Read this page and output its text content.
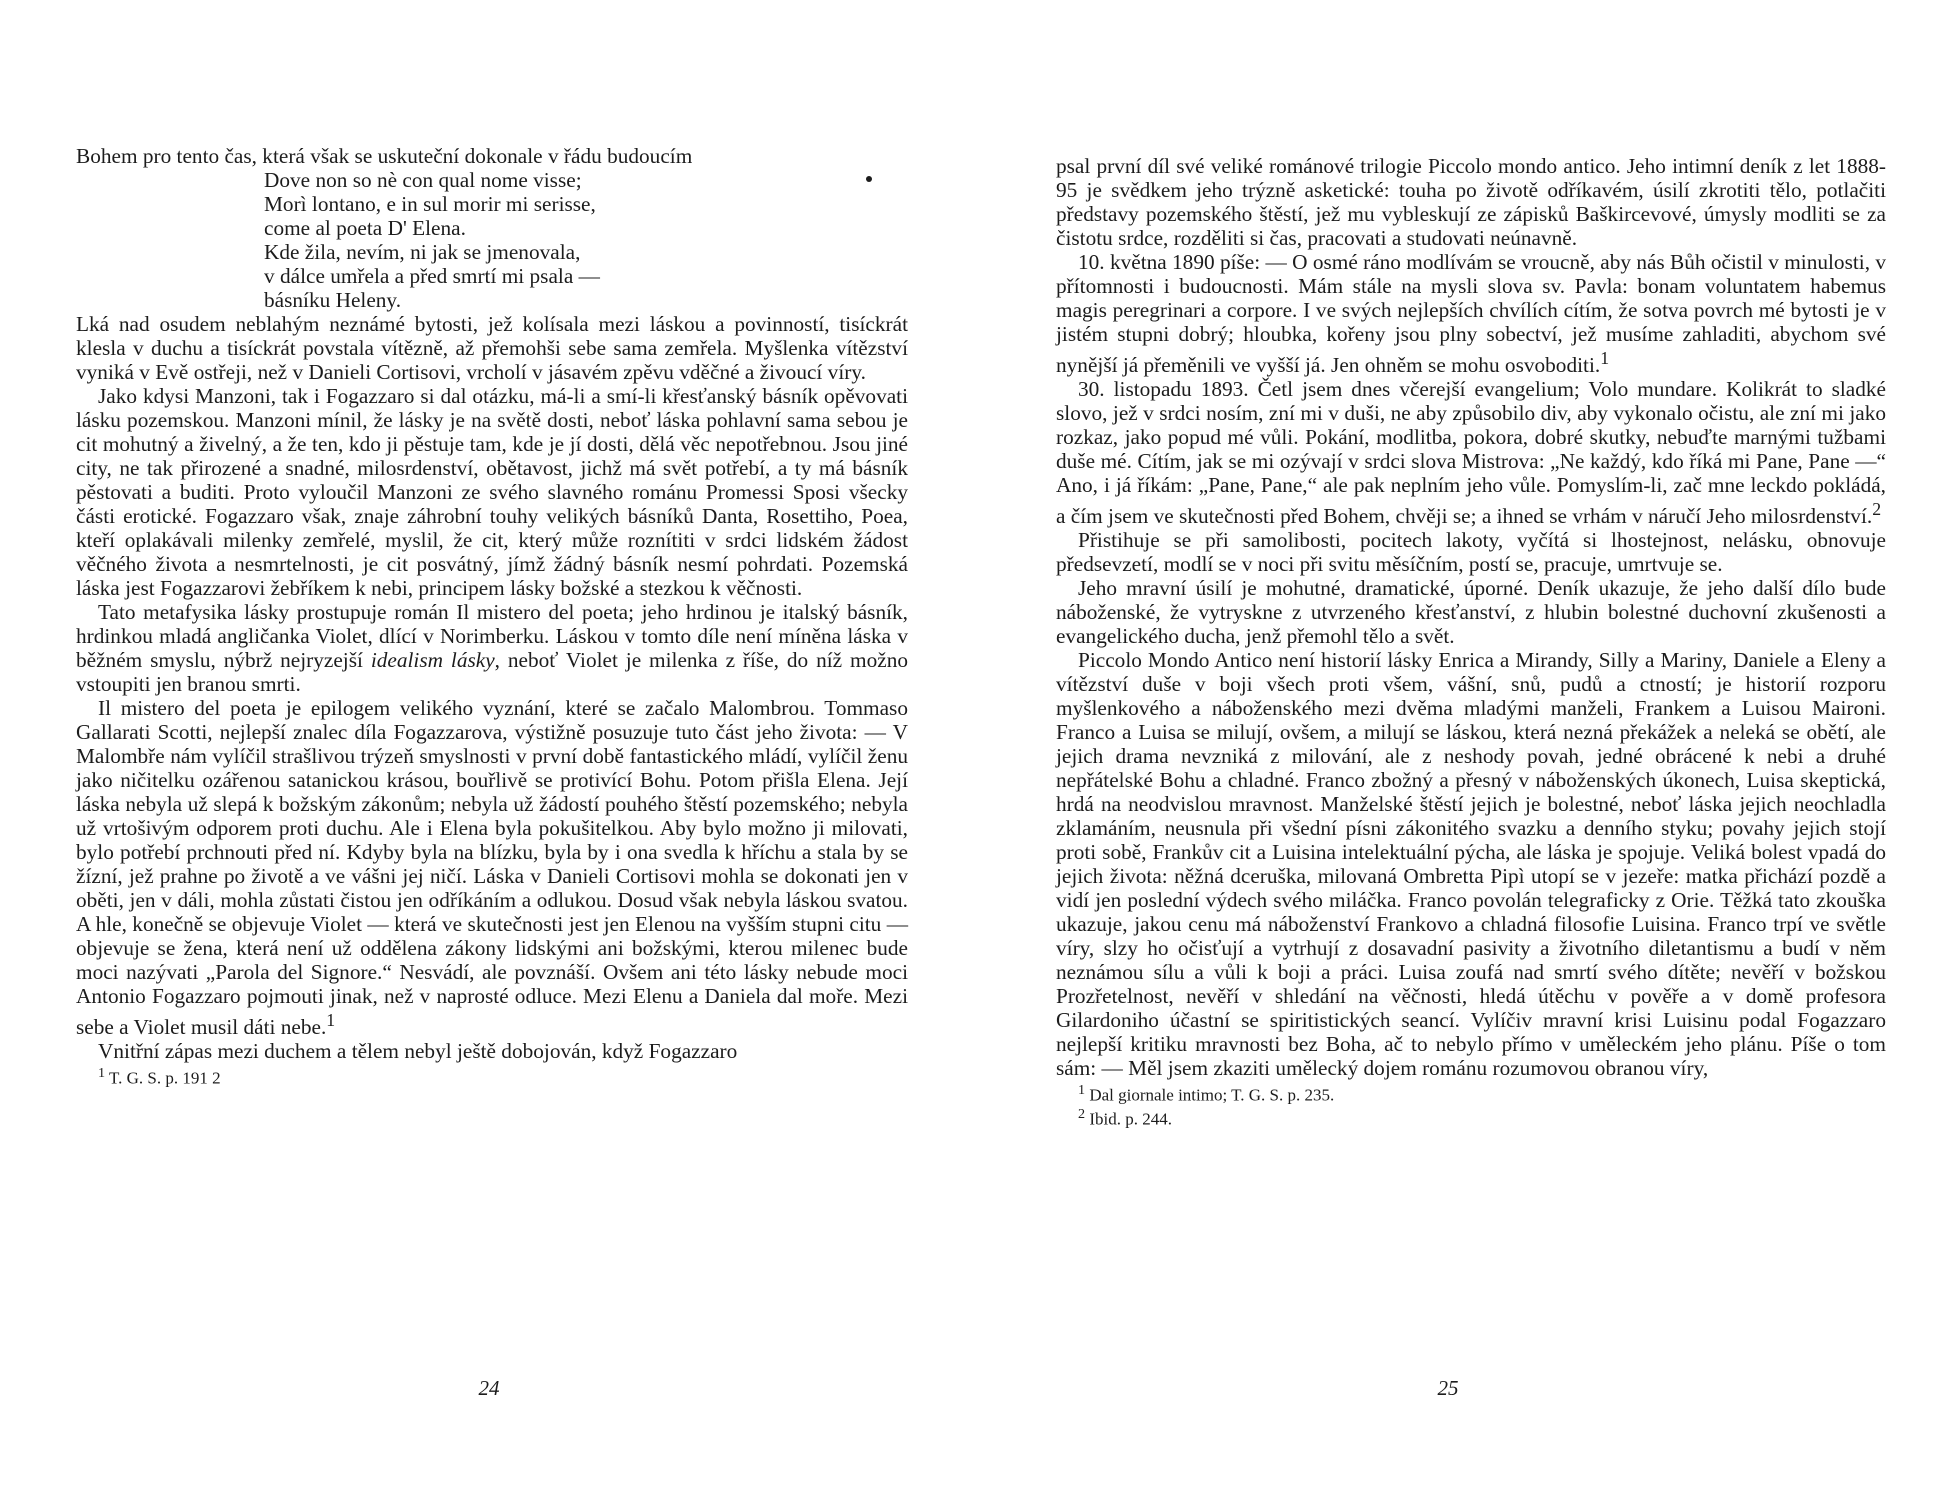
Bohem pro tento čas, která však se uskuteční dokonale v řádu budoucím

Dove non so nè con qual nome visse;
Morì lontano, e in sul morir mi serisse,
come al poeta D' Elena.
Kde žila, nevím, ni jak se jmenovala,
v dálce umřela a před smrtí mi psala —
básníku Heleny.

Lká nad osudem neblahým neznámé bytosti, jež kolísala mezi láskou a povinností, tisíckrát klesla v duchu a tisíckrát povstala vítězně, až přemohši sebe sama zemřela. Myšlenka vítězství vyniká v Evě ostřeji, než v Danieli Cortisovi, vrcholí v jásavém zpěvu vděčné a živoucí víry.

Jako kdysi Manzoni, tak i Fogazzaro si dal otázku, má-li a smí-li křesťanský básník opěvovati lásku pozemskou. Manzoni mínil, že lásky je na světě dosti, neboť láska pohlavní sama sebou je cit mohutný a živelný, a že ten, kdo ji pěstuje tam, kde je jí dosti, dělá věc nepotřebnou. Jsou jiné city, ne tak přirozené a snadné, milosrdenství, obětavost, jichž má svět potřebí, a ty má básník pěstovati a buditi. Proto vyloučil Manzoni ze svého slavného románu Promessi Sposi všecky části erotické. Fogazzaro však, znaje záhrobní touhy velikých básníků Danta, Rosettiho, Poea, kteří oplakávali milenky zemřelé, myslil, že cit, který může roznítiti v srdci lidském žádost věčného života a nesmrtelnosti, je cit posvátný, jímž žádný básník nesmí pohrdati. Pozemská láska jest Fogazzarovi žebříkem k nebi, principem lásky božské a stezkou k věčnosti.

Tato metafysika lásky prostupuje román Il mistero del poeta; jeho hrdinou je italský básník, hrdinkou mladá angličanka Violet, dlící v Norimberku. Láskou v tomto díle není míněna láska v běžném smyslu, nýbrž nejryzejší idealism lásky, neboť Violet je milenka z říše, do níž možno vstoupiti jen branou smrti.

Il mistero del poeta je epilogem velikého vyznání, které se začalo Malombrou. Tommaso Gallarati Scotti, nejlepší znalec díla Fogazzarova, výstižně posuzuje tuto část jeho života: — V Malombře nám vylíčil strašlivou trýzeň smyslnosti v první době fantastického mládí, vylíčil ženu jako ničitelku ozářenou satanickou krásou, bouřlivě se protivící Bohu. Potom přišla Elena. Její láska nebyla už slepá k božským zákonům; nebyla už žádostí pouhého štěstí pozemského; nebyla už vrtošivým odporem proti duchu. Ale i Elena byla pokušitelkou. Aby bylo možno ji milovati, bylo potřebí prchnouti před ní. Kdyby byla na blízku, byla by i ona svedla k hříchu a stala by se žízní, jež prahne po životě a ve vášni jej ničí. Láska v Danieli Cortisovi mohla se dokonati jen v oběti, jen v dáli, mohla zůstati čistou jen odříkáním a odlukou. Dosud však nebyla láskou svatou. A hle, konečně se objevuje Violet — která ve skutečnosti jest jen Elenou na vyšším stupni citu — objevuje se žena, která není už oddělena zákony lidskými ani božskými, kterou milenec bude moci nazývati „Parola del Signore.“ Nesvádí, ale povznáší. Ovšem ani této lásky nebude moci Antonio Fogazzaro pojmouti jinak, než v naprosté odluce. Mezi Elenu a Daniela dal moře. Mezi sebe a Violet musil dáti nebe.$^1$

Vnitřní zápas mezi duchem a tělem nebyl ještě dobojován, když Fogazzaro

$^1$ T. G. S. p. 191 2
24

psal první díl své veliké románové trilogie Piccolo mondo antico. Jeho intimní deník z let 1888-95 je svědkem jeho trýzně asketické: touha po životě odříkavém, úsilí zkrotiti tělo, potlačiti představy pozemského štěstí, jež mu vybleskují ze zápisků Baškircevové, úmysly modliti se za čistotu srdce, rozděliti si čas, pracovati a studovati neúnavně.

10. května 1890 píše: — O osmé ráno modlívám se vroucně, aby nás Bůh očistil v minulosti, v přítomnosti i budoucnosti. Mám stále na mysli slova sv. Pavla: bonam voluntatem habemus magis peregrinari a corpore. I ve svých nejlepších chvílích cítím, že sotva povrch mé bytosti je v jistém stupni dobrý; hloubka, kořeny jsou plny sobectví, jež musíme zahladiti, abychom své nynější já přeměnili ve vyšší já. Jen ohněm se mohu osvoboditi.$^1$

30. listopadu 1893. Četl jsem dnes včerejší evangelium; Volo mundare. Kolikrát to sladké slovo, jež v srdci nosím, zní mi v duši, ne aby způsobilo div, aby vykonalo očistu, ale zní mi jako rozkaz, jako popud mé vůli. Pokání, modlitba, pokora, dobré skutky, nebuďte marnými tužbami duše mé. Cítím, jak se mi ozývají v srdci slova Mistrova: „Ne každý, kdo říká mi Pane, Pane —“ Ano, i já říkám: „Pane, Pane,“ ale pak neplním jeho vůle. Pomyslím-li, zač mne leckdo pokládá, a čím jsem ve skutečnosti před Bohem, chvěji se; a ihned se vrhám v náručí Jeho milosrdenství.$^2$

Přistihuje se při samolibosti, pocitech lakoty, vyčítá si lhostejnost, nelásku, obnovuje předsevzetí, modlí se v noci při svitu měsíčním, postí se, pracuje, umrtvuje se.

Jeho mravní úsilí je mohutné, dramatické, úporné. Deník ukazuje, že jeho další dílo bude náboženské, že vytryskne z utvrzeného křesťanství, z hlubin bolestné duchovní zkušenosti a evangelického ducha, jenž přemohl tělo a svět.

Piccolo Mondo Antico není historií lásky Enrica a Mirandy, Silly a Mariny, Daniele a Eleny a vítězství duše v boji všech proti všem, vášní, snů, pudů a ctností; je historií rozporu myšlenkového a náboženského mezi dvěma mladými manželi, Frankem a Luisou Maironi. Franco a Luisa se milují, ovšem, a milují se láskou, která nezná překážek a neleká se obětí, ale jejich drama nevzniká z milování, ale z neshody povah, jedné obrácené k nebi a druhé nepřátelské Bohu a chladné. Franco zbožný a přesný v náboženských úkonech, Luisa skeptická, hrdá na neodvislou mravnost. Manželské štěstí jejich je bolestné, neboť láska jejich neochladla zklamáním, neusnula při všední písni zákonitého svazku a denního styku; povahy jejich stojí proti sobě, Frankův cit a Luisina intelektuální pýcha, ale láska je spojuje. Veliká bolest vpadá do jejich života: něžná dceruška, milovaná Ombretta Pipì utopí se v jezeře: matka přichází pozdě a vidí jen poslední výdech svého miláčka. Franco povolán telegraficky z Orie. Těžká tato zkouška ukazuje, jakou cenu má náboženství Frankovo a chladná filosofie Luisina. Franco trpí ve světle víry, slzy ho očisťují a vytrhují z dosavadní pasivity a životního diletantismu a budí v něm neznámou sílu a vůli k boji a práci. Luisa zoufá nad smrtí svého dítěte; nevěří v božskou Prozřetelnost, nevěří v shledání na věčnosti, hledá útěchu v pověře a v domě profesora Gilardoniho účastní se spiritistických seancí. Vylíčiv mravní krisi Luisinu podal Fogazzaro nejlepší kritiku mravnosti bez Boha, ač to nebylo přímo v uměleckém jeho plánu. Píše o tom sám: — Měl jsem zkaziti umělecký dojem románu rozumovou obranou víry,

$^1$ Dal giornale intimo; T. G. S. p. 235.
$^2$ Ibid. p. 244.
25
